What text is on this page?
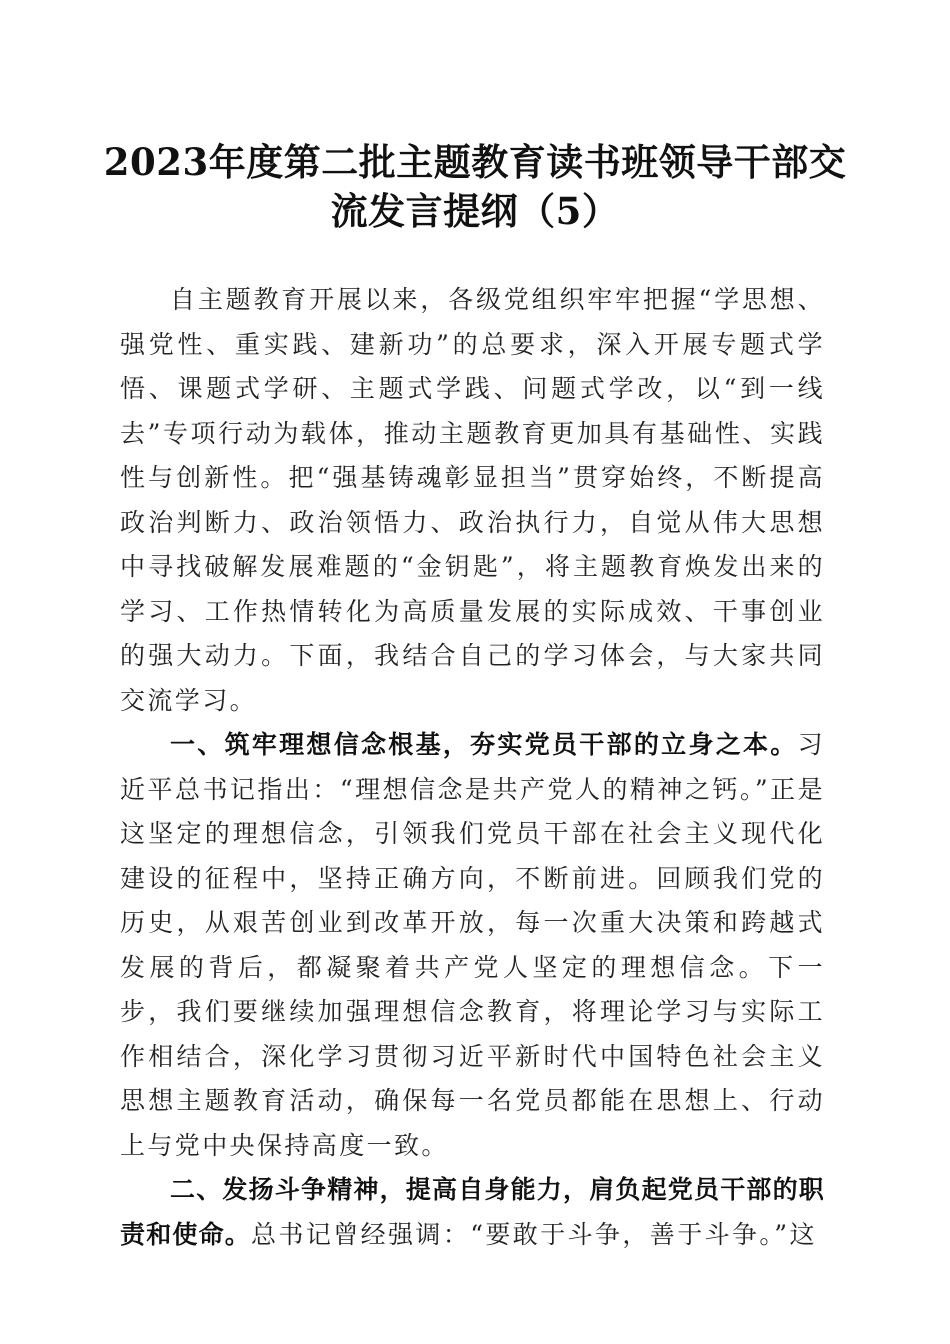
2023年度第二批主题教育读书班领导干部交流发言提纲（5）

自主题教育开展以来，各级党组织牢牢把握“学思想、强党性、重实践、建新功”的总要求，深入开展专题式学悟、课题式学研、主题式学践、问题式学改，以“到一线去”专项行动为载体，推动主题教育更加具有基础性、实践性与创新性。把“强基铸魂彰显担当”贯穿始终，不断提高政治判断力、政治领悟力、政治执行力，自觉从伟大思想中寻找破解发展难题的“金钥匙”，将主题教育焕发出来的学习、工作热情转化为高质量发展的实际成效、干事创业的强大动力。下面，我结合自己的学习体会，与大家共同交流学习。

一、筑牢理想信念根基，夯实党员干部的立身之本。习近平总书记指出：“理想信念是共产党人的精神之钙。”正是这坚定的理想信念，引领我们党员干部在社会主义现代化建设的征程中，坚持正确方向，不断前进。回顾我们党的历史，从艰苦创业到改革开放，每一次重大决策和跨越式发展的背后，都凝聚着共产党人坚定的理想信念。下一步，我们要继续加强理想信念教育，将理论学习与实际工作相结合，深化学习贯彻习近平新时代中国特色社会主义思想主题教育活动，确保每一名党员都能在思想上、行动上与党中央保持高度一致。

二、发扬斗争精神，提高自身能力，肩负起党员干部的职责和使命。总书记曾经强调：“要敢于斗争，善于斗争。”这
